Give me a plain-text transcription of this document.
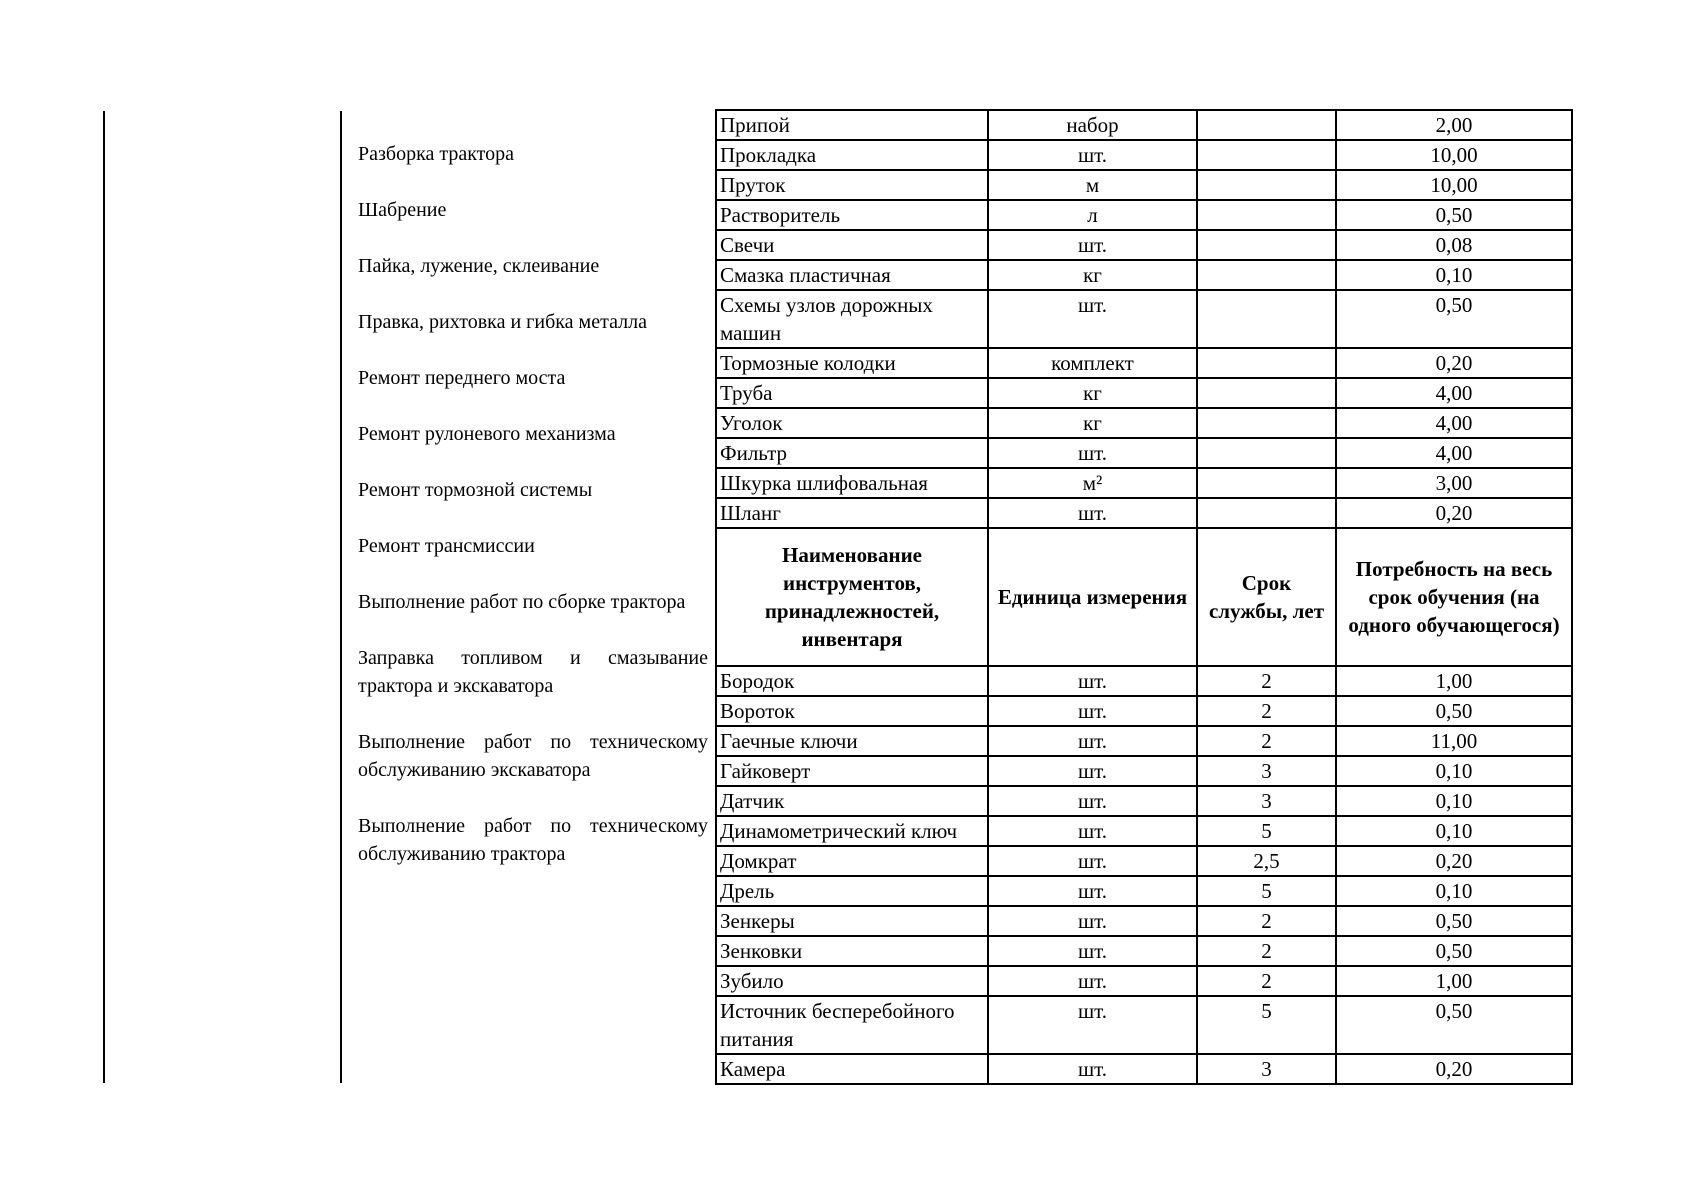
Разборка трактора
Шабрение
Пайка, лужение, склеивание
Правка, рихтовка и гибка металла
Ремонт переднего моста
Ремонт рулоневого механизма
Ремонт тормозной системы
Ремонт трансмиссии
Выполнение работ по сборке трактора
Заправка топливом и смазывание трактора и экскаватора
Выполнение работ по техническому обслуживанию экскаватора
Выполнение работ по техническому обслуживанию трактора
Припой	набор		2,00
Прокладка	шт.		10,00
Пруток	м		10,00
Растворитель	л		0,50
Свечи	шт.		0,08
Смазка пластичная	кг		0,10
Схемы узлов дорожных машин	шт.		0,50
Тормозные колодки	комплект		0,20
Труба	кг		4,00
Уголок	кг		4,00
Фильтр	шт.		4,00
Шкурка шлифовальная	м²		3,00
Шланг	шт.		0,20
Наименование инструментов, принадлежностей, инвентаря	Единица измерения	Срок службы, лет	Потребность на весь срок обучения (на одного обучающегося)
Бородок	шт.	2	1,00
Вороток	шт.	2	0,50
Гаечные ключи	шт.	2	11,00
Гайковерт	шт.	3	0,10
Датчик	шт.	3	0,10
Динамометрический ключ	шт.	5	0,10
Домкрат	шт.	2,5	0,20
Дрель	шт.	5	0,10
Зенкеры	шт.	2	0,50
Зенковки	шт.	2	0,50
Зубило	шт.	2	1,00
Источник бесперебойного питания	шт.	5	0,50
Камера	шт.	3	0,20
